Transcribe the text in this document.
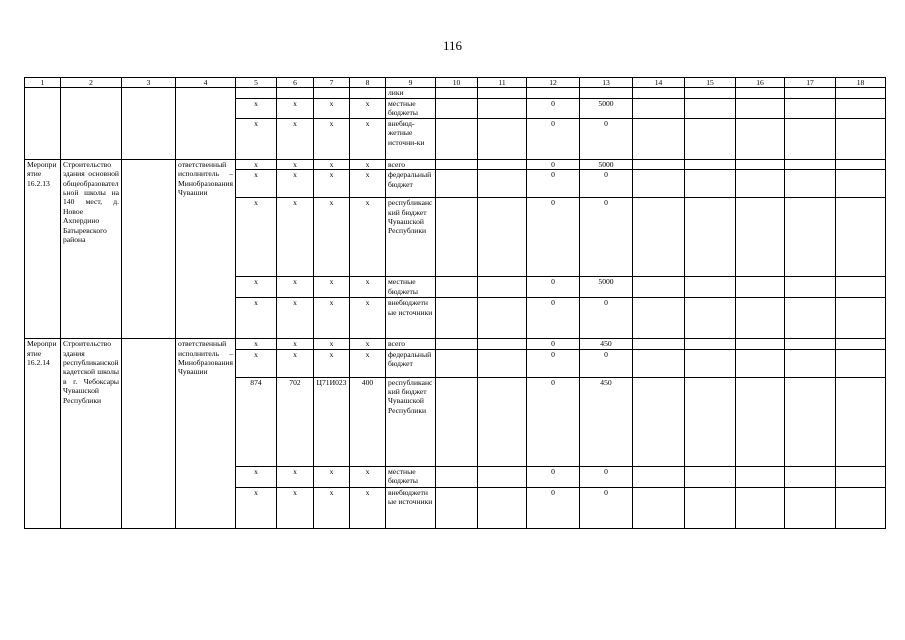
116
1	2	3	4	5	6	7	8	9	10	11	12	13	14	15	16	17	18
								лики									
				х	х	х	х	местные бюджеты			0	5000					
				х	х	х	х	внебюд-жетные источни-ки			0	0					
Мероприятие 16.2.13	Строительство здания основной общеобразовательной школы на 140 мест, д. Новое Ахпердино Батыревского района		ответственный исполнитель – Минобразования Чувашии	х	х	х	х	всего			0	5000					
				х	х	х	х	федеральный бюджет			0	0					
				х	х	х	х	республиканский бюджет Чувашской Республики			0	0					
				х	х	х	х	местные бюджеты			0	5000					
				х	х	х	х	внебюджетные источники			0	0					
Мероприятие 16.2.14	Строительство здания республиканской кадетской школы в г. Чебоксары Чувашской Республики		ответственный исполнитель – Минобразования Чувашии	х	х	х	х	всего			0	450					
				х	х	х	х	федеральный бюджет			0	0					
				874	702	Ц71И023	400	республиканский бюджет Чувашской Республики			0	450					
				х	х	х	х	местные бюджеты			0	0					
				х	х	х	х	внебюджетные источники			0	0					
